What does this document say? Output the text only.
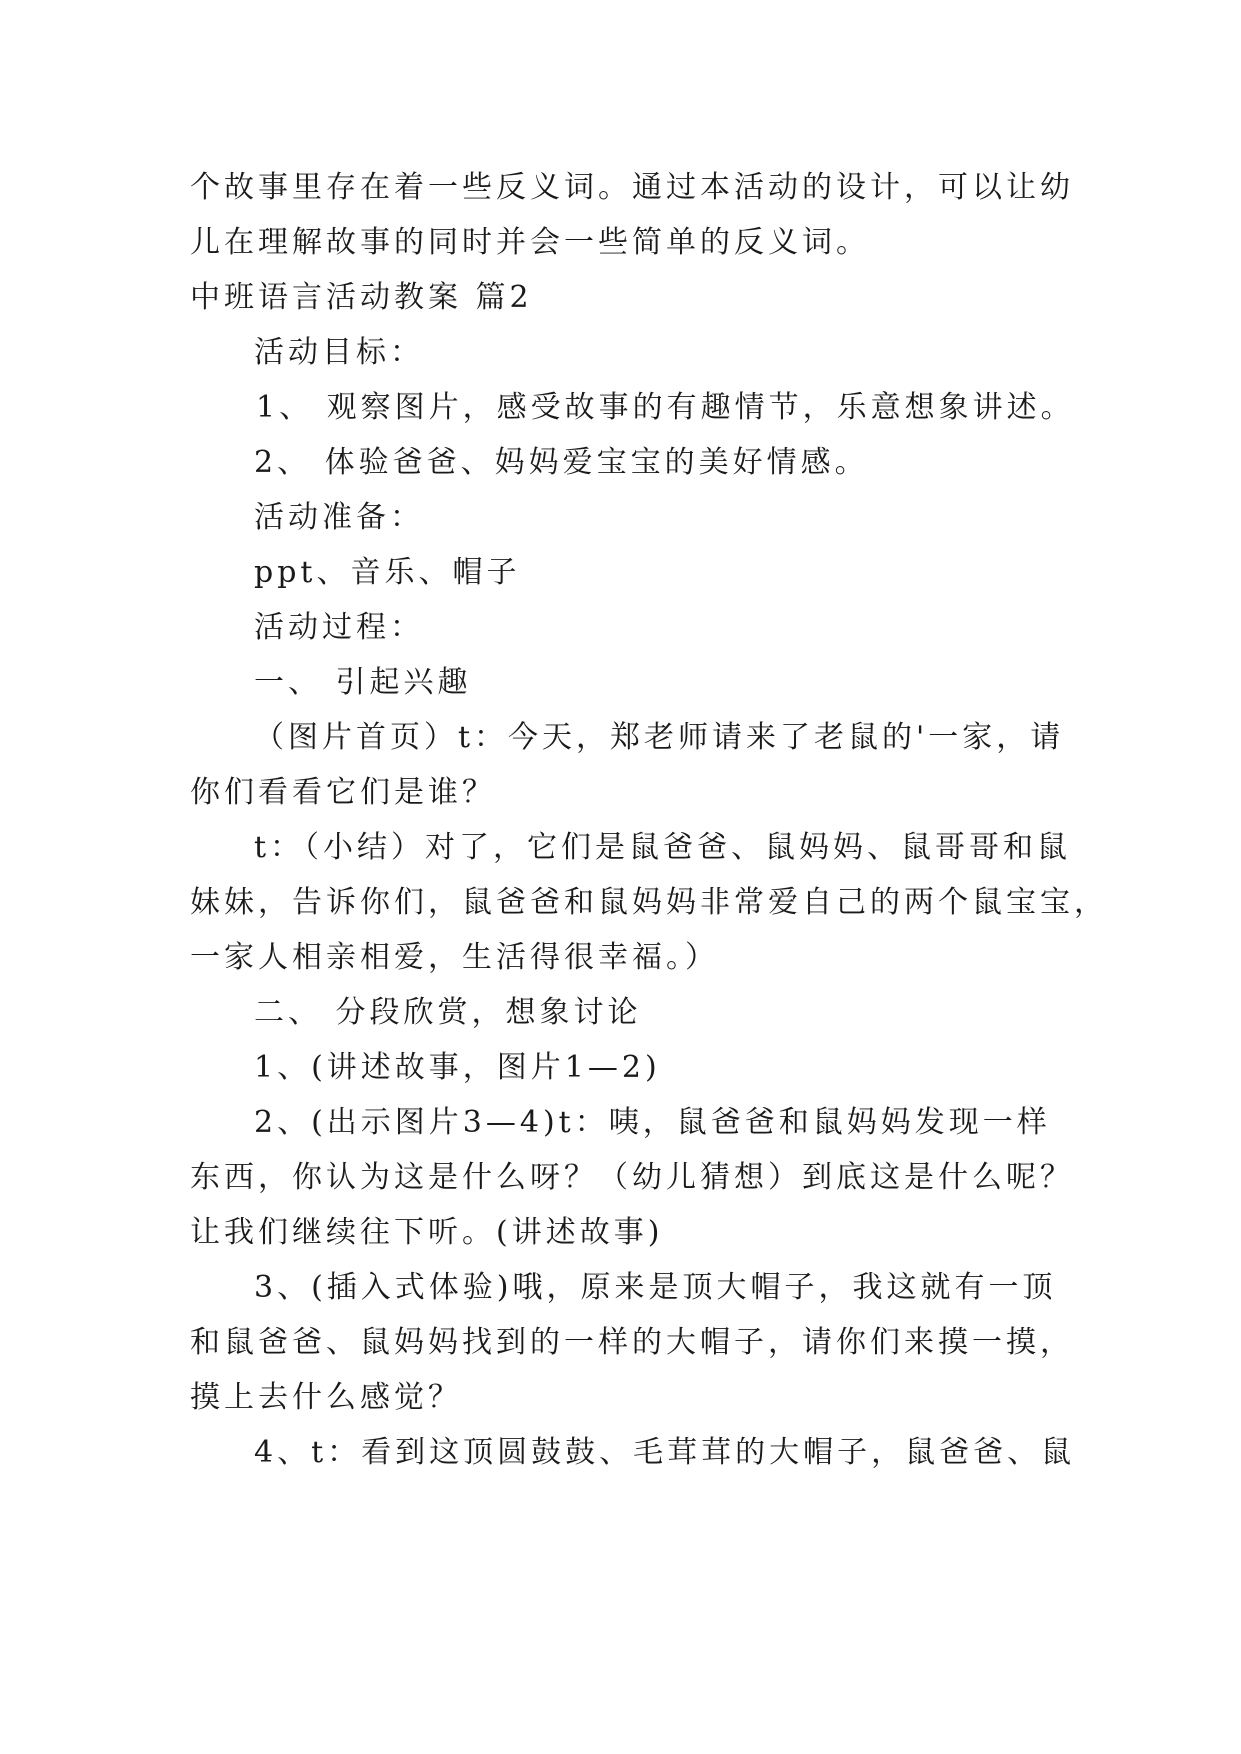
个故事里存在着一些反义词。通过本活动的设计，可以让幼
儿在理解故事的同时并会一些简单的反义词。
中班语言活动教案 篇2
活动目标：
1、 观察图片，感受故事的有趣情节，乐意想象讲述。
2、 体验爸爸、妈妈爱宝宝的美好情感。
活动准备：
ppt、音乐、帽子
活动过程：
一、 引起兴趣
（图片首页）t：今天，郑老师请来了老鼠的'一家，请
你们看看它们是谁？
t：（小结）对了，它们是鼠爸爸、鼠妈妈、鼠哥哥和鼠
妹妹，告诉你们，鼠爸爸和鼠妈妈非常爱自己的两个鼠宝宝，
一家人相亲相爱，生活得很幸福。）
二、 分段欣赏，想象讨论
1、(讲述故事，图片1—2)
2、(出示图片3—4)t：咦，鼠爸爸和鼠妈妈发现一样
东西，你认为这是什么呀？（幼儿猜想）到底这是什么呢？
让我们继续往下听。(讲述故事)
3、(插入式体验)哦，原来是顶大帽子，我这就有一顶
和鼠爸爸、鼠妈妈找到的一样的大帽子，请你们来摸一摸，
摸上去什么感觉？
4、t：看到这顶圆鼓鼓、毛茸茸的大帽子，鼠爸爸、鼠
